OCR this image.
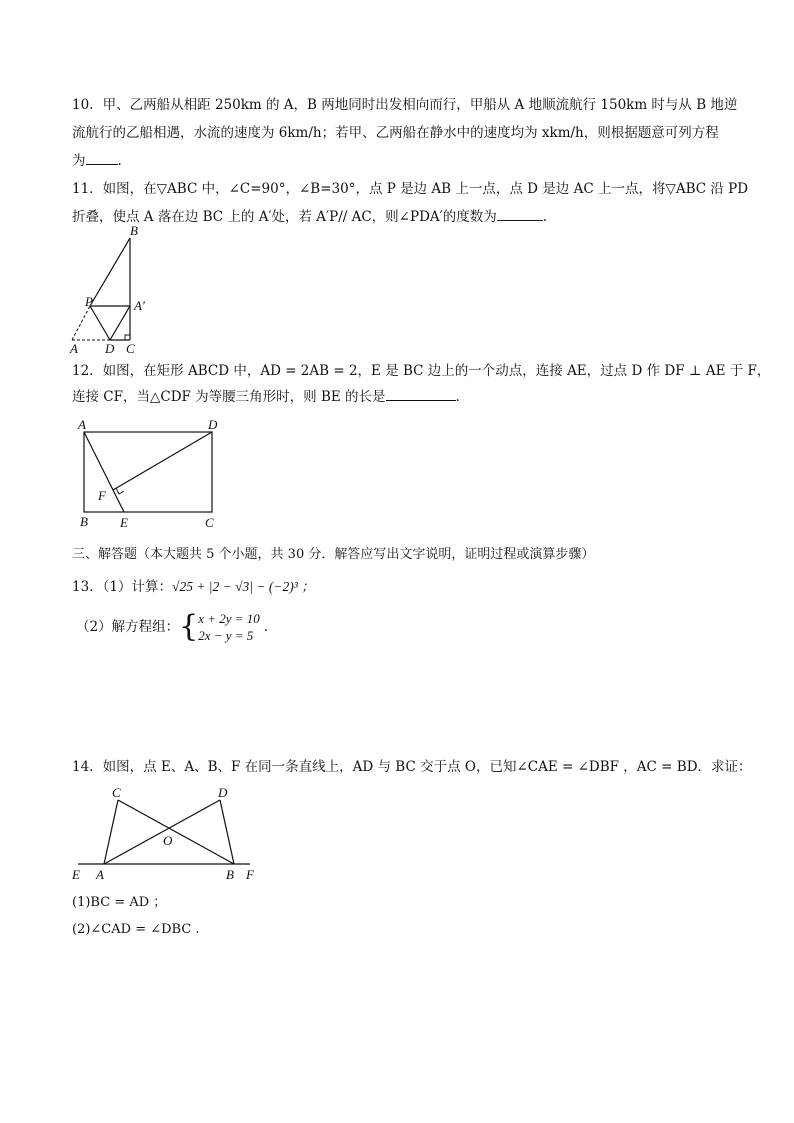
10．甲、乙两船从相距 250km 的 A，B 两地同时出发相向而行，甲船从 A 地顺流航行 150km 时与从 B 地逆
流航行的乙船相遇，水流的速度为 6km/h；若甲、乙两船在静水中的速度均为 xkm/h，则根据题意可列方程
为 .
11．如图，在▽ABC 中，∠C=90°，∠B=30°，点 P 是边 AB 上一点，点 D 是边 AC 上一点，将▽ABC 沿 PD
折叠，使点 A 落在边 BC 上的 A′处，若 A′P// AC，则∠PDA′的度数为	.
B
P	A′
A D C
12．如图，在矩形 ABCD 中，AD = 2AB = 2，E 是 BC 边上的一个动点，连接 AE，过点 D 作 DF ⊥ AE 于 F，
连接 CF，当△CDF 为等腰三角形时，则 BE 的长是	.
A	D
F
B E	C
三、解答题（本大题共 5 个小题，共 30 分．解答应写出文字说明，证明过程或演算步骤）
13．（1）计算：√25 + |2 − √3| − (−2)³ ；
（2）解方程组：{x + 2y = 10
2x − y = 5.
14．如图，点 E、A、B、F 在同一条直线上，AD 与 BC 交于点 O，已知∠CAE = ∠DBF ，AC = BD．求证：
C	D
O
E A	B F
(1)BC = AD ；
(2)∠CAD = ∠DBC .
